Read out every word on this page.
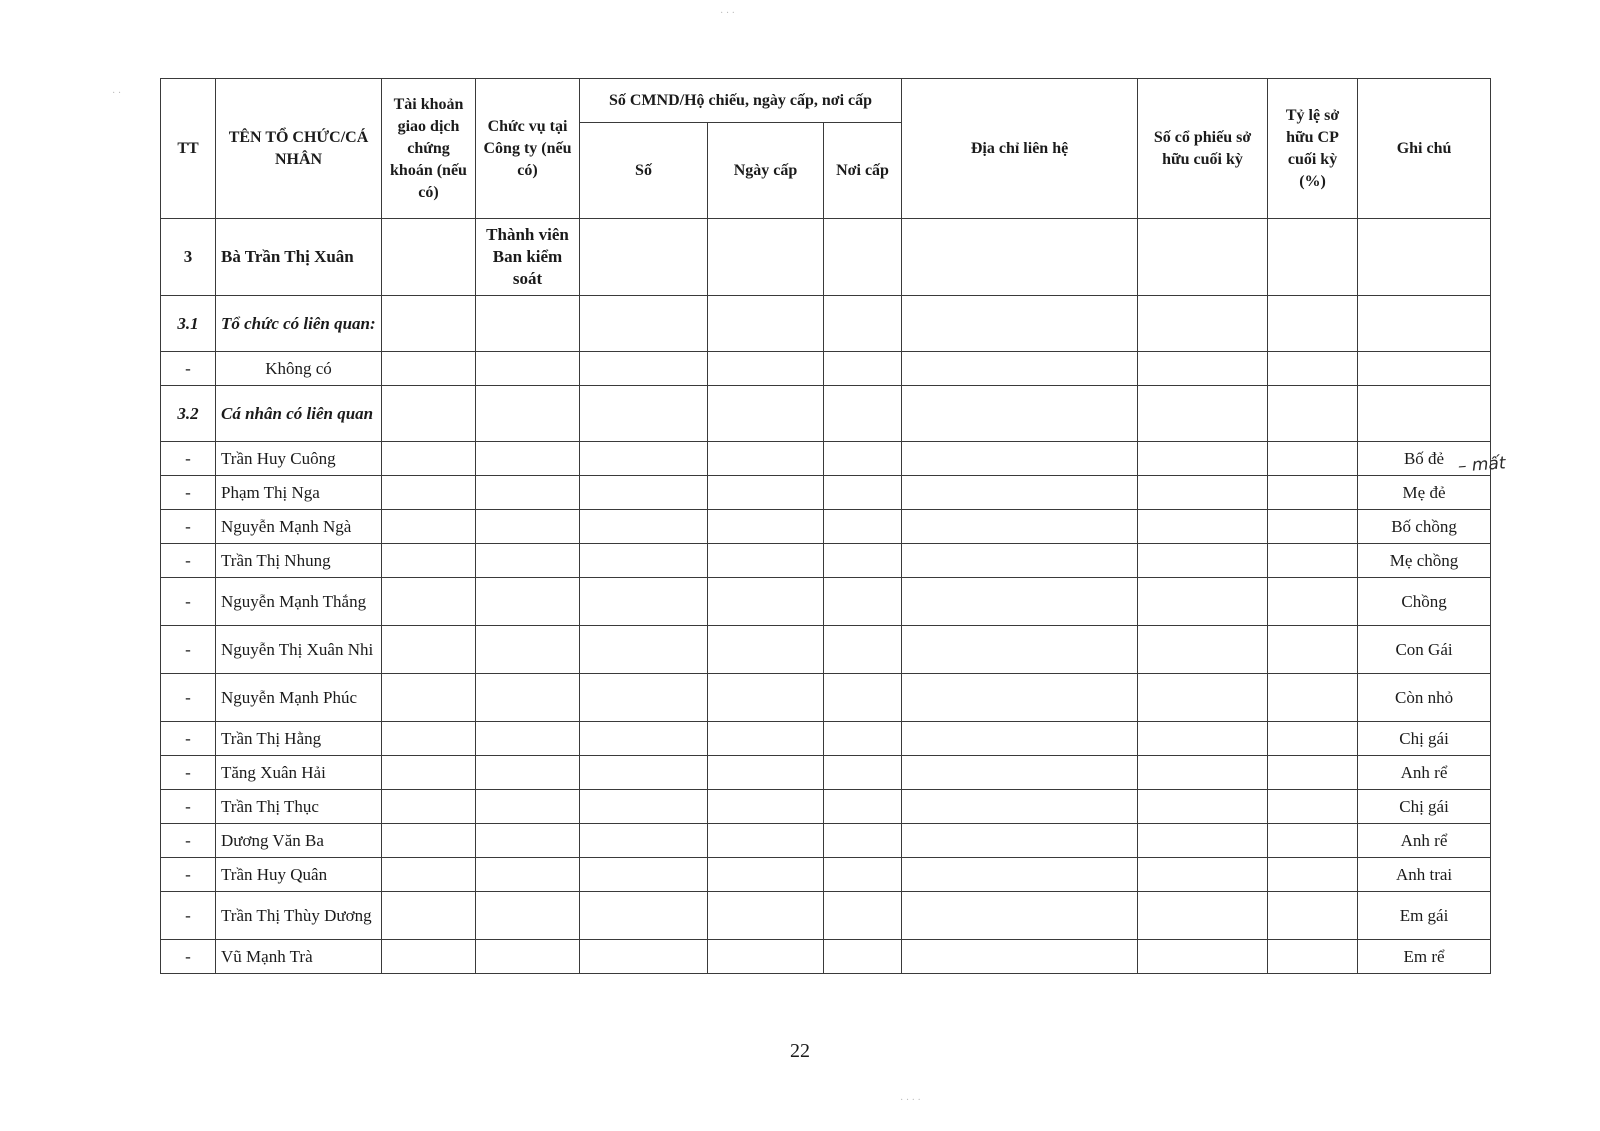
TT	TÊN TỔ CHỨC/CÁ NHÂN	Tài khoản giao dịch chứng khoán (nếu có)	Chức vụ tại Công ty (nếu có)	Số CMND/Hộ chiếu, ngày cấp, nơi cấp			Địa chỉ liên hệ	Số cổ phiếu sở hữu cuối kỳ	Tỷ lệ sở hữu CP cuối kỳ (%)	Ghi chú
				Số	Ngày cấp	Nơi cấp				
3	Bà Trần Thị Xuân		Thành viên Ban kiểm soát							
3.1	Tổ chức có liên quan:									
-	Không có									
3.2	Cá nhân có liên quan									
-	Trần Huy Cuông									Bố đẻ
-	Phạm Thị Nga									Mẹ đẻ
-	Nguyễn Mạnh Ngà									Bố chồng
-	Trần Thị Nhung									Mẹ chồng
-	Nguyễn Mạnh Thắng									Chồng
-	Nguyễn Thị Xuân Nhi									Con Gái
-	Nguyễn Mạnh Phúc									Còn nhỏ
-	Trần Thị Hằng									Chị gái
-	Tăng Xuân Hải									Anh rể
-	Trần Thị Thục									Chị gái
-	Dương Văn Ba									Anh rể
-	Trần Huy Quân									Anh trai
-	Trần Thị Thùy Dương									Em gái
-	Vũ Mạnh Trà									Em rể
– mất
22
· · ·
· ·
· · · ·
